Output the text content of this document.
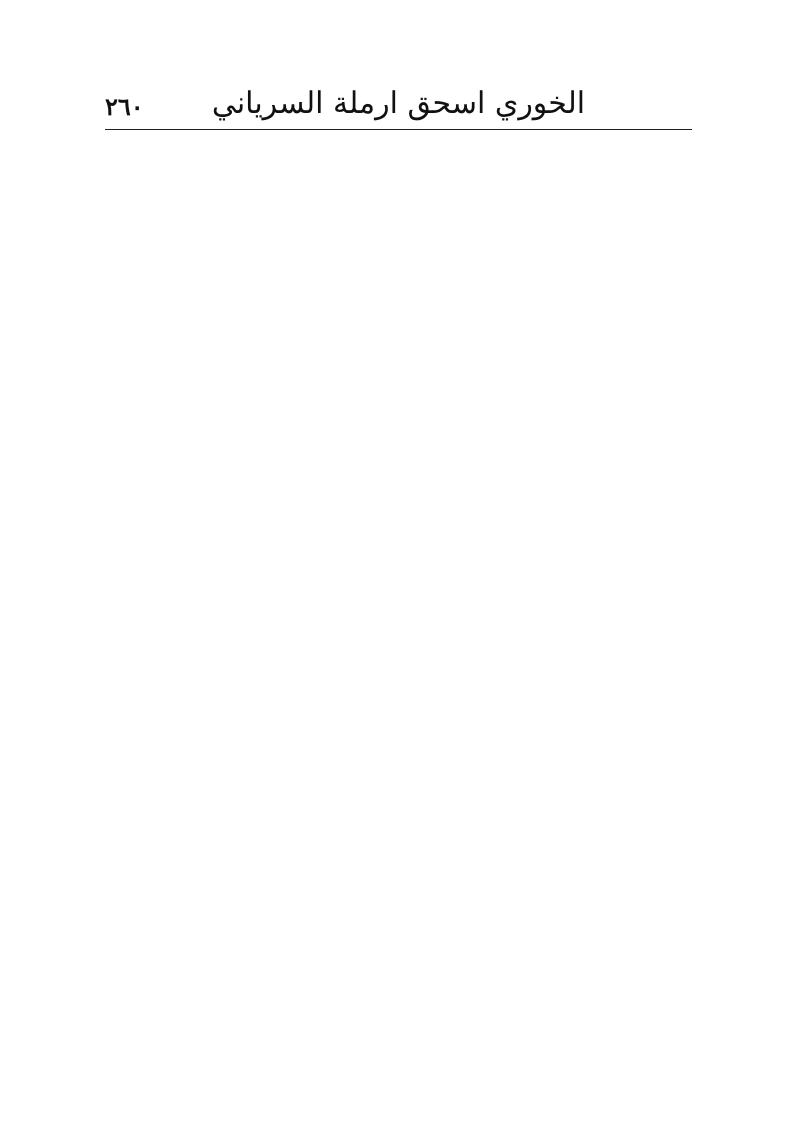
٢٦٠	الخوري اسحق ارملة السرياني
